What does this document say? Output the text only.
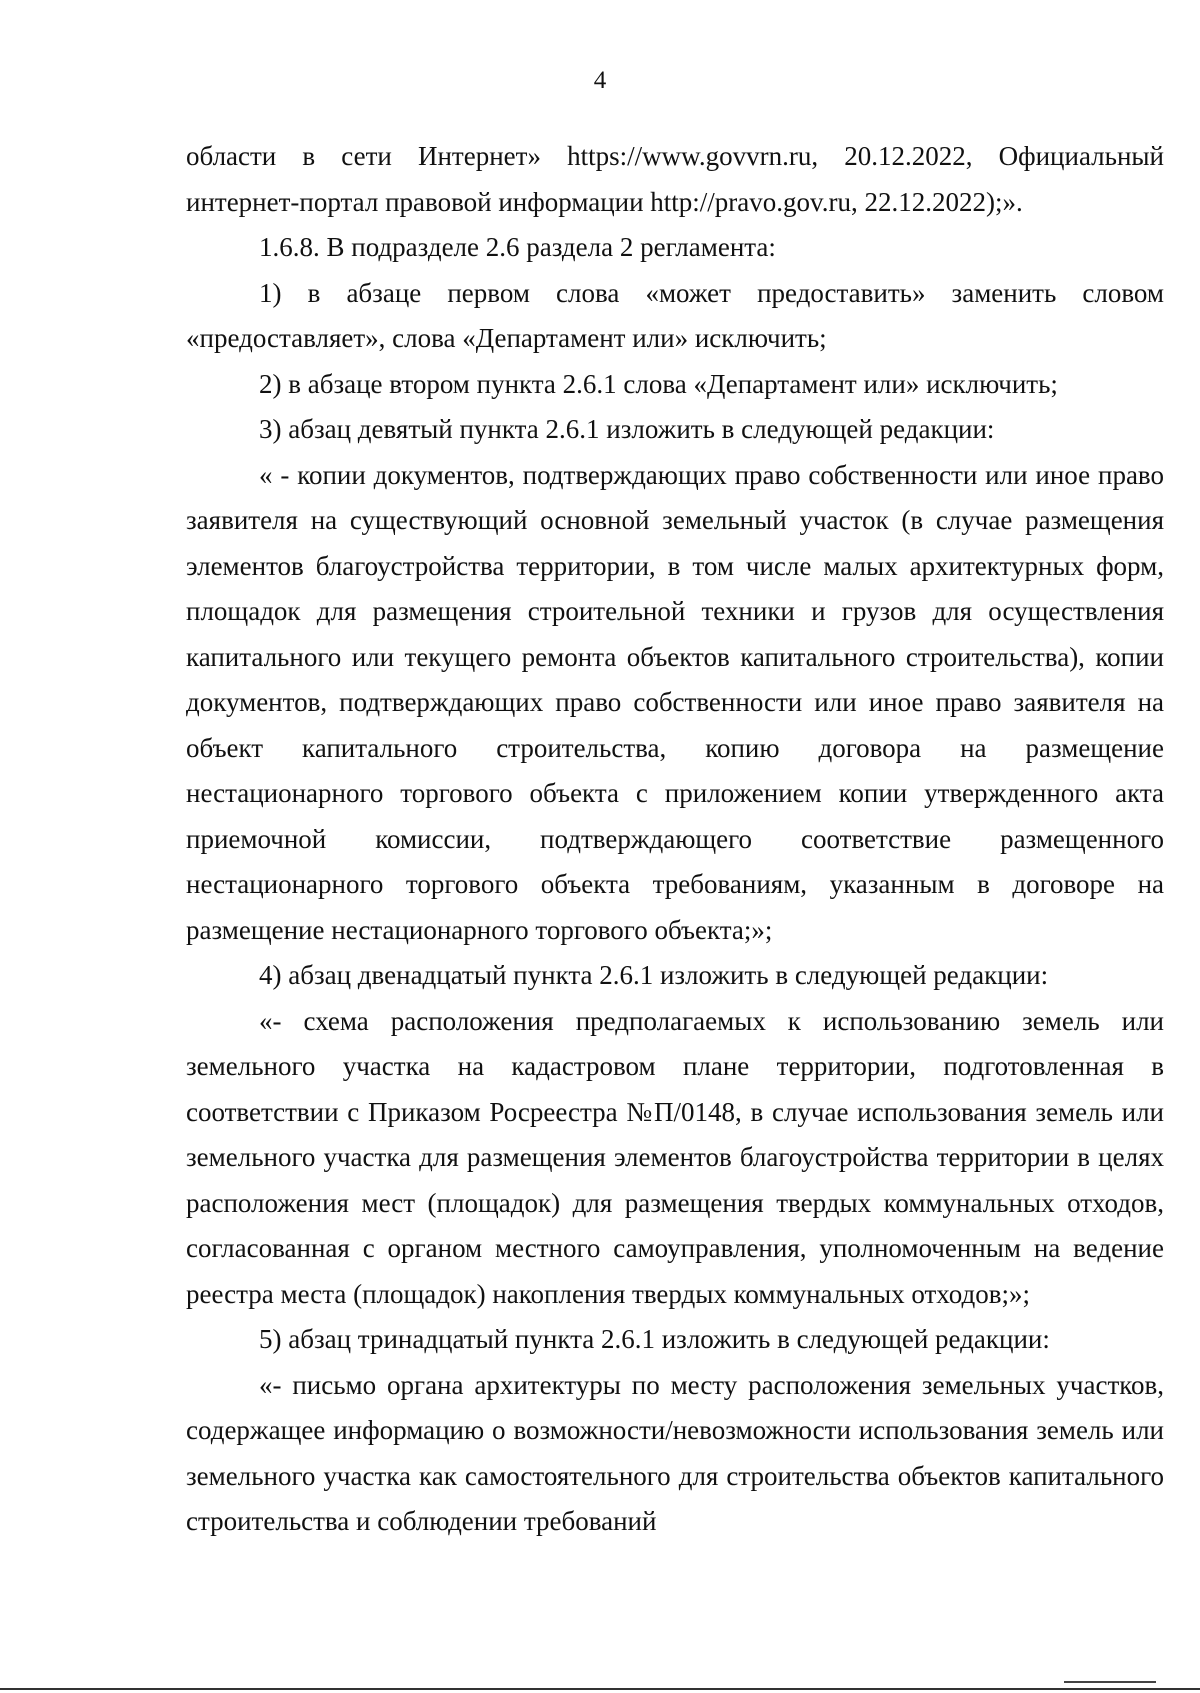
4

области в сети Интернет» https://www.govvrn.ru, 20.12.2022, Официальный интернет-портал правовой информации http://pravo.gov.ru, 22.12.2022);».

1.6.8. В подразделе 2.6 раздела 2 регламента:

1) в абзаце первом слова «может предоставить» заменить словом «предоставляет», слова «Департамент или» исключить;

2) в абзаце втором пункта 2.6.1 слова «Департамент или» исключить;

3) абзац девятый пункта 2.6.1 изложить в следующей редакции:

« - копии документов, подтверждающих право собственности или иное право заявителя на существующий основной земельный участок (в случае размещения элементов благоустройства территории, в том числе малых архитектурных форм, площадок для размещения строительной техники и грузов для осуществления капитального или текущего ремонта объектов капитального строительства), копии документов, подтверждающих право собственности или иное право заявителя на объект капитального строительства, копию договора на размещение нестационарного торгового объекта с приложением копии утвержденного акта приемочной комиссии, подтверждающего соответствие размещенного нестационарного торгового объекта требованиям, указанным в договоре на размещение нестационарного торгового объекта;»;

4) абзац двенадцатый пункта 2.6.1 изложить в следующей редакции:

«- схема расположения предполагаемых к использованию земель или земельного участка на кадастровом плане территории, подготовленная в соответствии с Приказом Росреестра №П/0148, в случае использования земель или земельного участка для размещения элементов благоустройства территории в целях расположения мест (площадок) для размещения твердых коммунальных отходов, согласованная с органом местного самоуправления, уполномоченным на ведение реестра места (площадок) накопления твердых коммунальных отходов;»;

5) абзац тринадцатый пункта 2.6.1 изложить в следующей редакции:

«- письмо органа архитектуры по месту расположения земельных участков, содержащее информацию о возможности/невозможности использования земель или земельного участка как самостоятельного для строительства объектов капитального строительства и соблюдении требований
